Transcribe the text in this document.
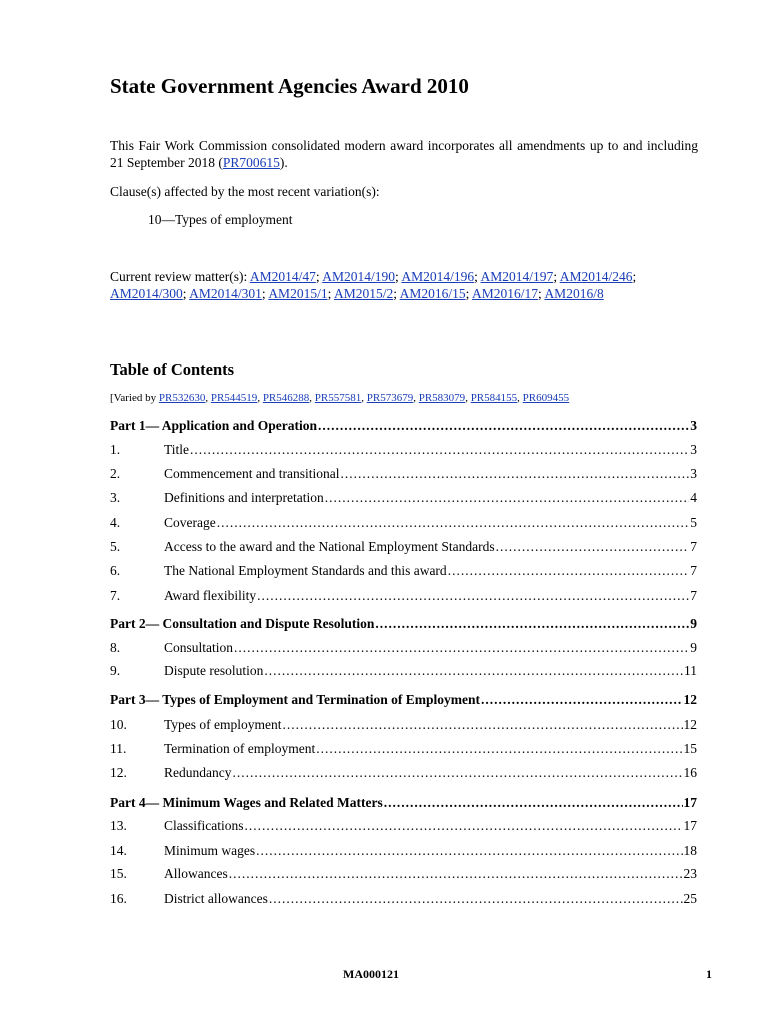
State Government Agencies Award 2010

This Fair Work Commission consolidated modern award incorporates all amendments up to and including 21 September 2018 (PR700615).

Clause(s) affected by the most recent variation(s):

10—Types of employment

Current review matter(s): AM2014/47; AM2014/190; AM2014/196; AM2014/197; AM2014/246; AM2014/300; AM2014/301; AM2015/1; AM2015/2; AM2016/15; AM2016/17; AM2016/8

Table of Contents

[Varied by PR532630, PR544519, PR546288, PR557581, PR573679, PR583079, PR584155, PR609455

Part 1— Application and Operation .....	3
1.	Title .....	3
2.	Commencement and transitional .....	3
3.	Definitions and interpretation .....	4
4.	Coverage .....	5
5.	Access to the award and the National Employment Standards .....	7
6.	The National Employment Standards and this award .....	7
7.	Award flexibility .....	7
Part 2— Consultation and Dispute Resolution .....	9
8.	Consultation .....	9
9.	Dispute resolution .....	11
Part 3— Types of Employment and Termination of Employment .....	12
10.	Types of employment .....	12
11.	Termination of employment .....	15
12.	Redundancy .....	16
Part 4— Minimum Wages and Related Matters .....	17
13.	Classifications .....	17
14.	Minimum wages .....	18
15.	Allowances .....	23
16.	District allowances .....	25

MA000121	1
